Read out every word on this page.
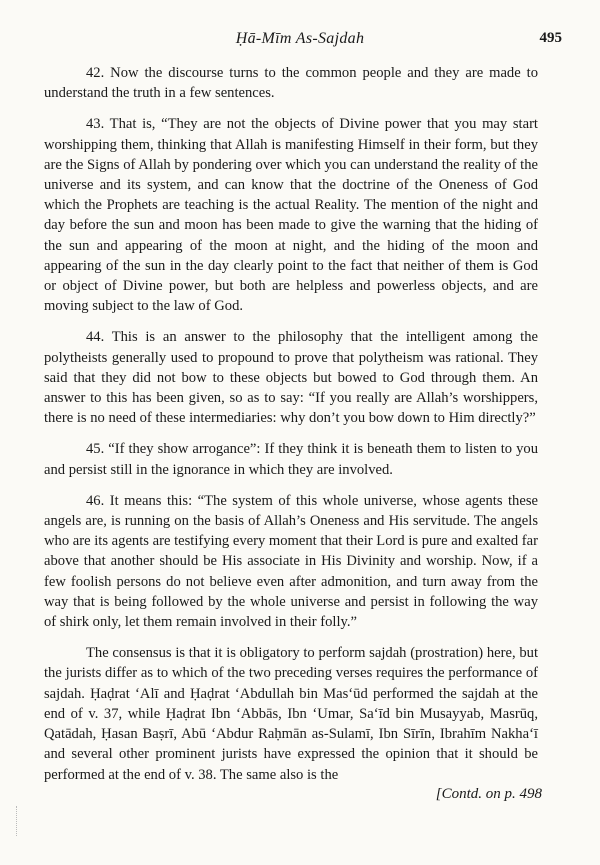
Ḥā-Mīm As-Sajdah	495

42. Now the discourse turns to the common people and they are made to understand the truth in a few sentences.

43. That is, “They are not the objects of Divine power that you may start worshipping them, thinking that Allah is manifesting Himself in their form, but they are the Signs of Allah by pondering over which you can understand the reality of the universe and its system, and can know that the doctrine of the Oneness of God which the Prophets are teaching is the actual Reality. The mention of the night and day before the sun and moon has been made to give the warning that the hiding of the sun and appearing of the moon at night, and the hiding of the moon and appearing of the sun in the day clearly point to the fact that neither of them is God or object of Divine power, but both are helpless and powerless objects, and are moving subject to the law of God.

44. This is an answer to the philosophy that the intelligent among the polytheists generally used to propound to prove that polytheism was rational. They said that they did not bow to these objects but bowed to God through them. An answer to this has been given, so as to say: “If you really are Allah’s worshippers, there is no need of these intermediaries: why don’t you bow down to Him directly?”

45. “If they show arrogance”: If they think it is beneath them to listen to you and persist still in the ignorance in which they are involved.

46. It means this: “The system of this whole universe, whose agents these angels are, is running on the basis of Allah’s Oneness and His servitude. The angels who are its agents are testifying every moment that their Lord is pure and exalted far above that another should be His associate in His Divinity and worship. Now, if a few foolish persons do not believe even after admonition, and turn away from the way that is being followed by the whole universe and persist in following the way of shirk only, let them remain involved in their folly.”

The consensus is that it is obligatory to perform sajdah (prostration) here, but the jurists differ as to which of the two preceding verses requires the performance of sajdah. Ḥaḍrat ‘Alī and Ḥaḍrat ‘Abdullah bin Mas‘ūd performed the sajdah at the end of v. 37, while Ḥaḍrat Ibn ‘Abbās, Ibn ‘Umar, Sa‘īd bin Musayyab, Masrūq, Qatādah, Ḥasan Baṣrī, Abū ‘Abdur Raḥmān as-Sulamī, Ibn Sīrīn, Ibrahīm Nakha‘ī and several other prominent jurists have expressed the opinion that it should be performed at the end of v. 38. The same also is the

[Contd. on p. 498
